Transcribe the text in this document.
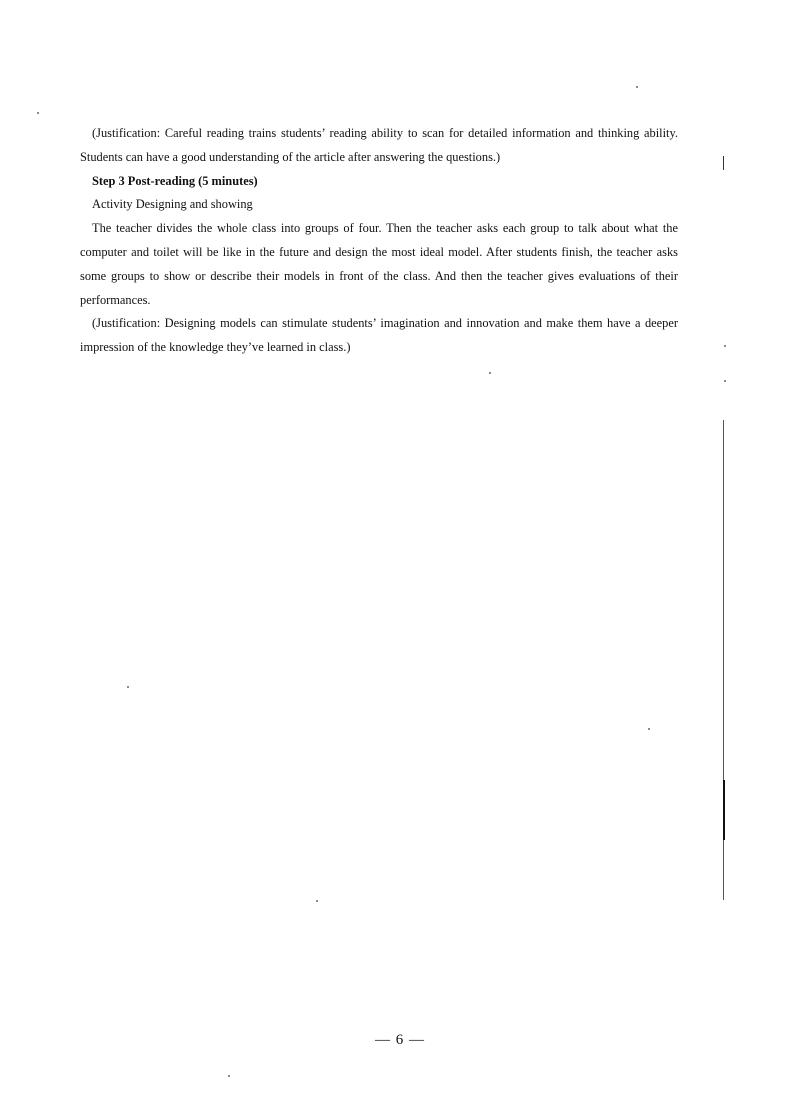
(Justification: Careful reading trains students’ reading ability to scan for detailed information and thinking ability. Students can have a good understanding of the article after answering the questions.)

Step 3 Post-reading (5 minutes)

Activity Designing and showing

The teacher divides the whole class into groups of four. Then the teacher asks each group to talk about what the computer and toilet will be like in the future and design the most ideal model. After students finish, the teacher asks some groups to show or describe their models in front of the class. And then the teacher gives evaluations of their performances.

(Justification: Designing models can stimulate students’ imagination and innovation and make them have a deeper impression of the knowledge they’ve learned in class.)

— 6 —
